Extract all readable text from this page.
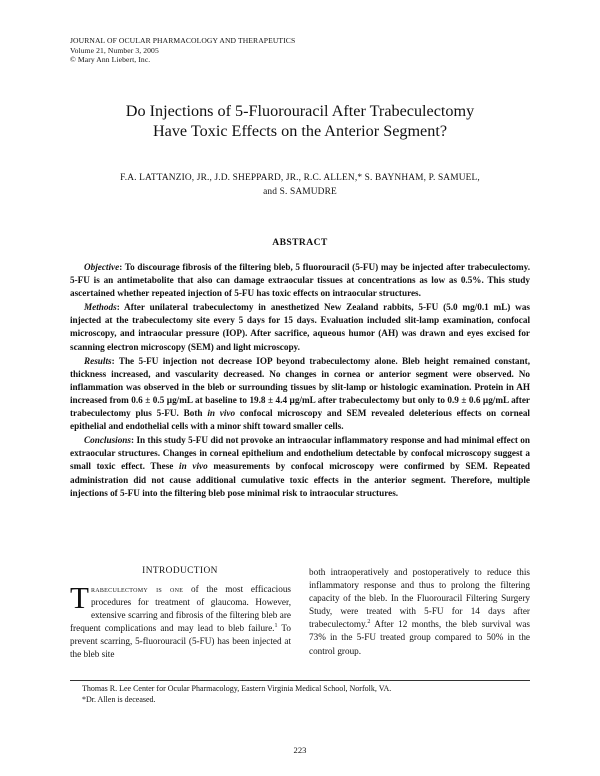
JOURNAL OF OCULAR PHARMACOLOGY AND THERAPEUTICS
Volume 21, Number 3, 2005
© Mary Ann Liebert, Inc.
Do Injections of 5-Fluorouracil After Trabeculectomy
Have Toxic Effects on the Anterior Segment?
F.A. LATTANZIO, JR., J.D. SHEPPARD, JR., R.C. ALLEN,* S. BAYNHAM, P. SAMUEL,
and S. SAMUDRE
ABSTRACT

Objective: To discourage fibrosis of the filtering bleb, 5 fluorouracil (5-FU) may be injected after trabeculectomy. 5-FU is an antimetabolite that also can damage extraocular tissues at concentrations as low as 0.5%. This study ascertained whether repeated injection of 5-FU has toxic effects on intraocular structures.

Methods: After unilateral trabeculectomy in anesthetized New Zealand rabbits, 5-FU (5.0 mg/0.1 mL) was injected at the trabeculectomy site every 5 days for 15 days. Evaluation included slit-lamp examination, confocal microscopy, and intraocular pressure (IOP). After sacrifice, aqueous humor (AH) was drawn and eyes excised for scanning electron microscopy (SEM) and light microscopy.

Results: The 5-FU injection not decrease IOP beyond trabeculectomy alone. Bleb height remained constant, thickness increased, and vascularity decreased. No changes in cornea or anterior segment were observed. No inflammation was observed in the bleb or surrounding tissues by slit-lamp or histologic examination. Protein in AH increased from 0.6 ± 0.5 µg/mL at baseline to 19.8 ± 4.4 µg/mL after trabeculectomy but only to 0.9 ± 0.6 µg/mL after trabeculectomy plus 5-FU. Both in vivo confocal microscopy and SEM revealed deleterious effects on corneal epithelial and endothelial cells with a minor shift toward smaller cells.

Conclusions: In this study 5-FU did not provoke an intraocular inflammatory response and had minimal effect on extraocular structures. Changes in corneal epithelium and endothelium detectable by confocal microscopy suggest a small toxic effect. These in vivo measurements by confocal microscopy were confirmed by SEM. Repeated administration did not cause additional cumulative toxic effects in the anterior segment. Therefore, multiple injections of 5-FU into the filtering bleb pose minimal risk to intraocular structures.

INTRODUCTION
Trabeculectomy is one of the most efficacious procedures for treatment of glaucoma. However, extensive scarring and fibrosis of the filtering bleb are frequent complications and may lead to bleb failure.$^1$ To prevent scarring, 5-fluorouracil (5-FU) has been injected at the bleb site
both intraoperatively and postoperatively to reduce this inflammatory response and thus to prolong the filtering capacity of the bleb. In the Fluorouracil Filtering Surgery Study, were treated with 5-FU for 14 days after trabeculectomy.$^2$ After 12 months, the bleb survival was 73% in the 5-FU treated group compared to 50% in the control group.
Thomas R. Lee Center for Ocular Pharmacology, Eastern Virginia Medical School, Norfolk, VA.
*Dr. Allen is deceased.
223
